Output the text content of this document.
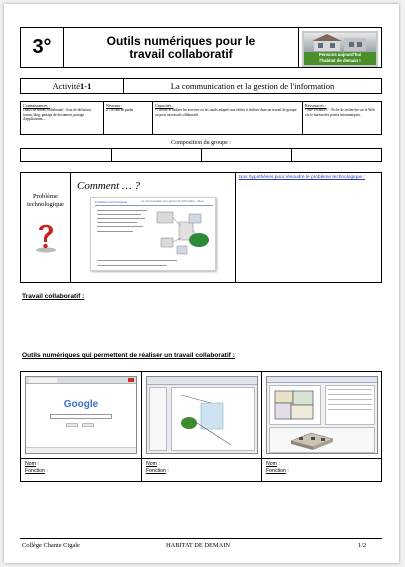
3°	Outils numériques pour le travail collaboratif	Pensons aujourd'hui
l'habitat de demain !
Activité 1-1	La communication et la gestion de l'information
Connaissances :
Outils de travail collaboratif : liste de diffusion, forum, blog, partage de document, partage d'applications…
Niveaux :
2 : Je sais en parler
Capacités :
- Choisir et utiliser les services ou les outils adaptés aux tâches à réaliser dans un travail de groupe ou pour un travail collaboratif.
Ressources :
- Site TechnoPC - Fiche de recherche sur le Web via le bureau des postes informatiques.
Composition du groupe :
Problème
technologique
Comment … ?
Problème technologique	La communication et la gestion de l'information - 3ème
Nos hypothèses pour résoudre le problème technologique :
Travail collaboratif :
Outils numériques qui permettent de réaliser un travail collaboratif :
Google
Nom :
Fonction :
Nom :
Fonction :
Nom :
Fonction :
Collège Chante Cigale	HABITAT DE DEMAIN	1/2
